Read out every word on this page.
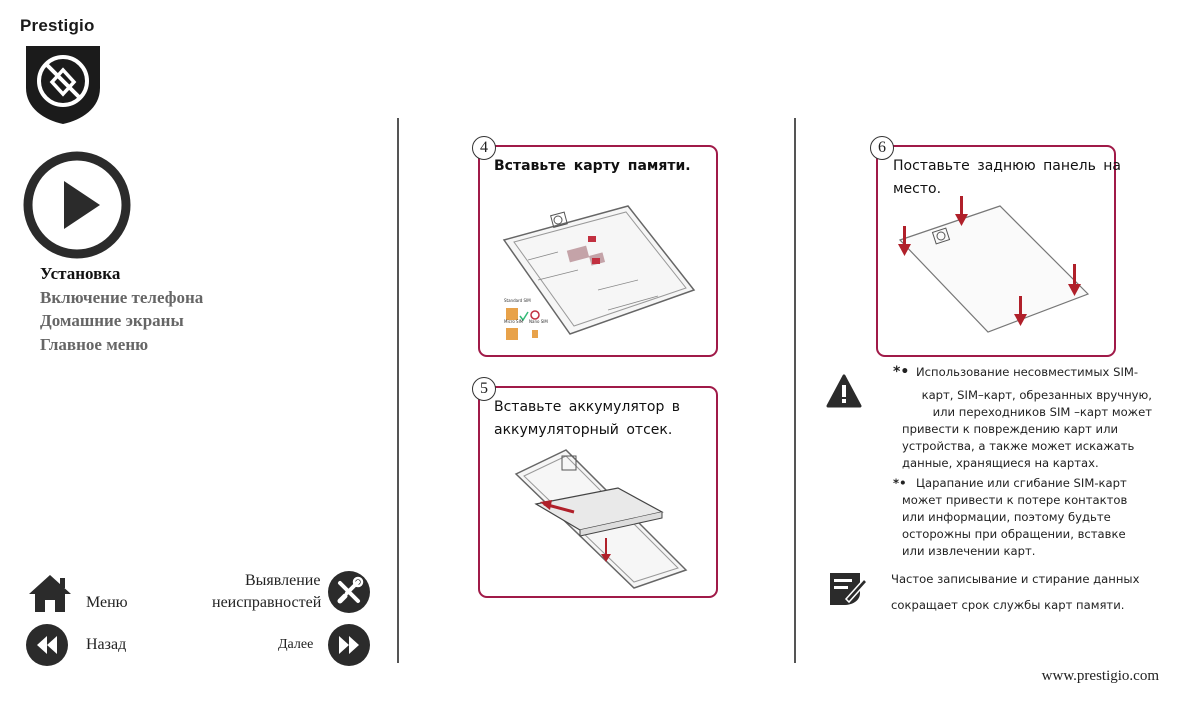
Prestigio
Установка
Включение телефона
Домашние экраны
Главное меню
Меню
Выявление
неисправностей
Назад	Далее
4
Вставьте карту памяти.
Standard SIM
Micro SIM Nano SIM
5
Вставьте аккумулятор в
аккумуляторный отсек.
6
Поставьте заднюю панель на
место.
*• Использование несовместимых SIM-
карт, SIM–карт, обрезанных вручную,
или переходников SIM –карт может
привести к повреждению карт или
устройства, а также может искажать
данные, хранящиеся на картах.
*• Царапание или сгибание SIM-карт
может привести к потере контактов
или информации, поэтому будьте
осторожны при обращении, вставке
или извлечении карт.
Частое записывание и стирание данных
сокращает срок службы карт памяти.
www.prestigio.com
